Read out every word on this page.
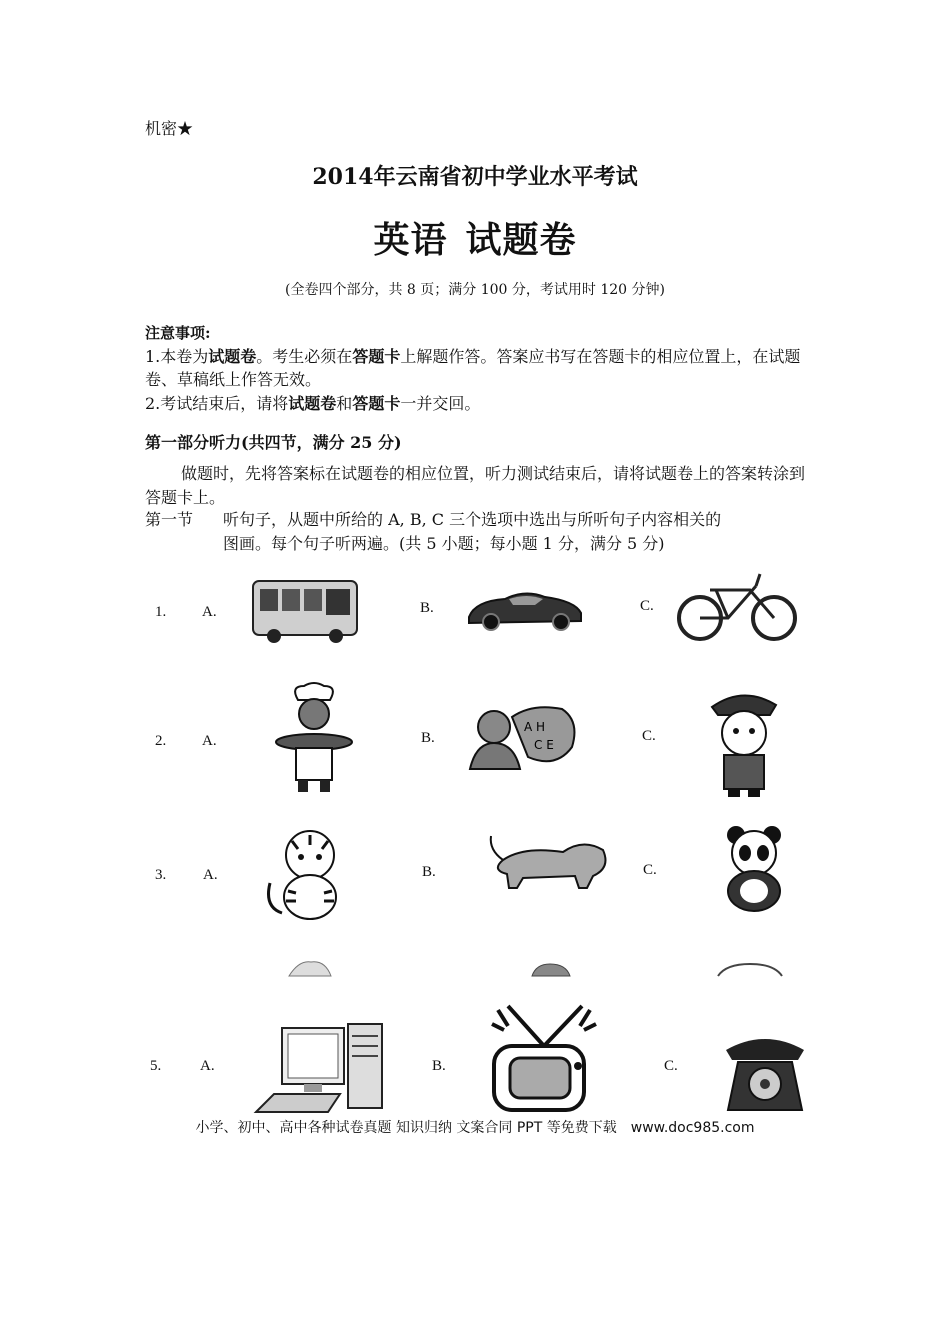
机密★
2014年云南省初中学业水平考试
英语 试题卷
(全卷四个部分，共 8 页；满分 100 分，考试用时 120 分钟)
注意事项:
1.本卷为试题卷。考生必须在答题卡上解题作答。答案应书写在答题卡的相应位置上，在试题卷、草稿纸上作答无效。
2.考试结束后，请将试题卷和答题卡一并交回。
第一部分听力(共四节，满分 25 分)
做题时，先将答案标在试题卷的相应位置，听力测试结束后，请将试题卷上的答案转涂到答题卡上。
第一节 听句子，从题中所给的 A, B, C 三个选项中选出与所听句子内容相关的
图画。每个句子听两遍。(共 5 小题；每小题 1 分，满分 5 分)
1. A.	B.	C.
2. A.	B.	C.
A H
C E
3. A.	B.	C.
5.	A.	B.	C.
小学、初中、高中各种试卷真题 知识归纳 文案合同 PPT 等免费下载 www.doc985.com
